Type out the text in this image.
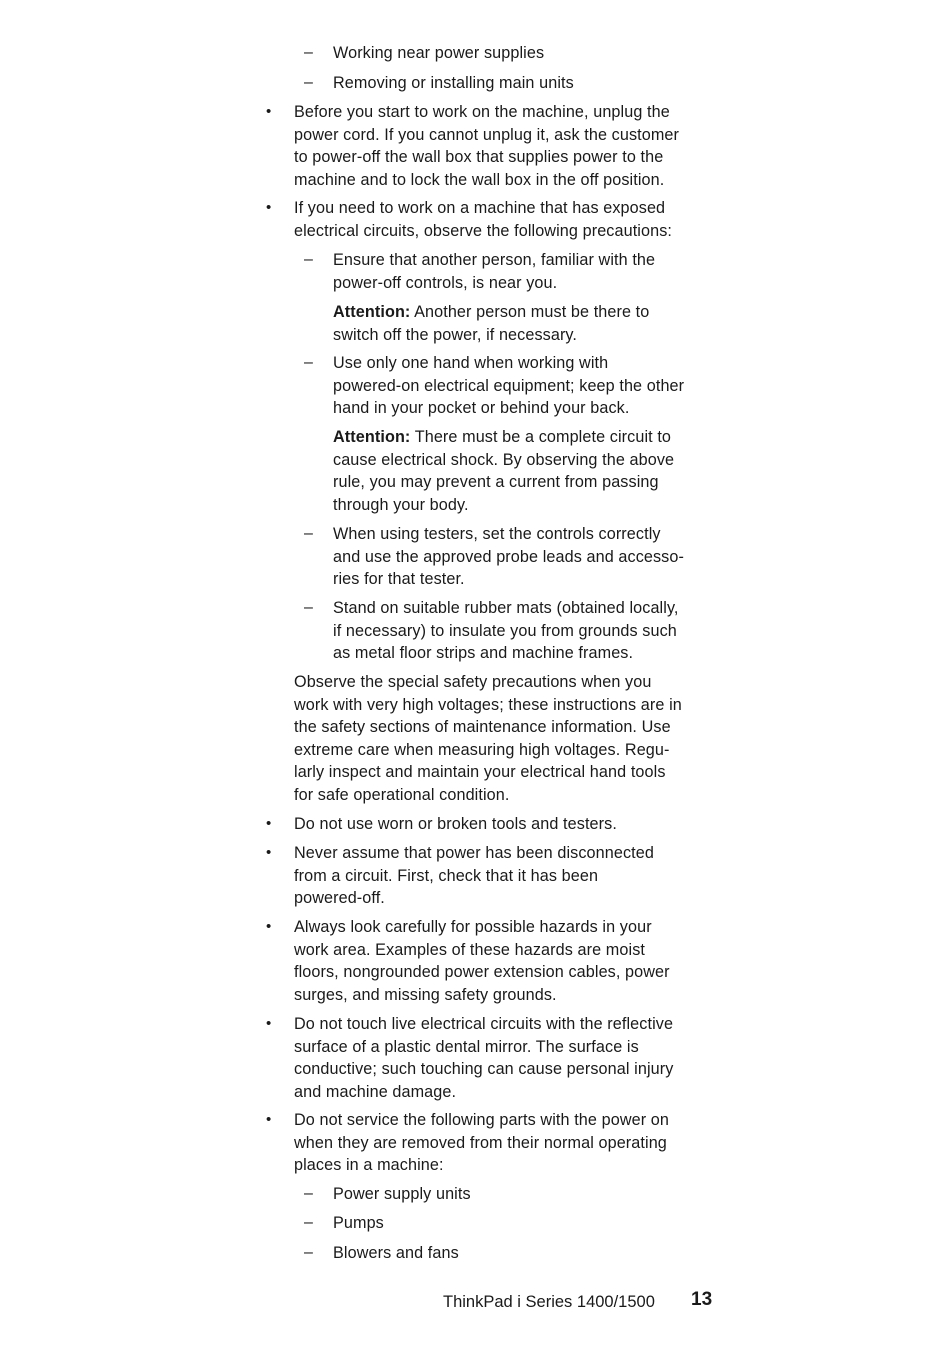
ThinkPad i Series 1400/1500 13
– Working near power supplies
– Removing or installing main units
• Before you start to work on the machine, unplug the
power cord. If you cannot unplug it, ask the customer
to power-off the wall box that supplies power to the
machine and to lock the wall box in the off position.
• If you need to work on a machine that has exposed
electrical circuits, observe the following precautions:
– Ensure that another person, familiar with the
power-off controls, is near you.
Attention: Another person must be there to
switch off the power, if necessary.
– Use only one hand when working with
powered-on electrical equipment; keep the other
hand in your pocket or behind your back.
Attention: There must be a complete circuit to
cause electrical shock. By observing the above
rule, you may prevent a current from passing
through your body.
– When using testers, set the controls correctly
and use the approved probe leads and accesso-
ries for that tester.
– Stand on suitable rubber mats (obtained locally,
if necessary) to insulate you from grounds such
as metal floor strips and machine frames.
Observe the special safety precautions when you
work with very high voltages; these instructions are in
the safety sections of maintenance information. Use
extreme care when measuring high voltages. Regu-
larly inspect and maintain your electrical hand tools
for safe operational condition.
• Do not use worn or broken tools and testers.
• Never assume that power has been disconnected
from a circuit. First, check that it has been
powered-off.
• Always look carefully for possible hazards in your
work area. Examples of these hazards are moist
floors, nongrounded power extension cables, power
surges, and missing safety grounds.
• Do not touch live electrical circuits with the reflective
surface of a plastic dental mirror. The surface is
conductive; such touching can cause personal injury
and machine damage.
• Do not service the following parts with the power on
when they are removed from their normal operating
places in a machine:
– Power supply units
– Pumps
– Blowers and fans
